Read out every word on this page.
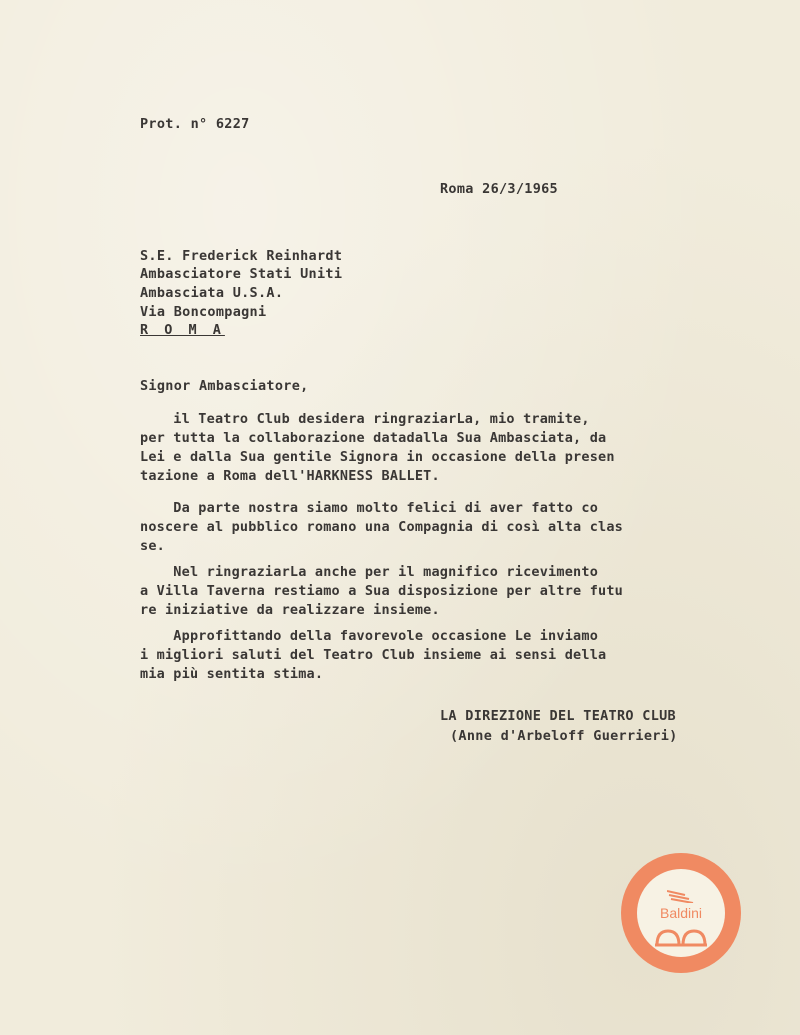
Prot. n° 6227
Roma 26/3/1965
S.E. Frederick Reinhardt
Ambasciatore Stati Uniti
Ambasciata U.S.A.
Via Boncompagni
R O M A
Signor Ambasciatore,
il Teatro Club desidera ringraziarLa, mio tramite,
per tutta la collaborazione datadalla Sua Ambasciata, da
Lei e dalla Sua gentile Signora in occasione della presen
tazione a Roma dell'HARKNESS BALLET.
Da parte nostra siamo molto felici di aver fatto co
noscere al pubblico romano una Compagnia di così alta clas
se.
Nel ringraziarLa anche per il magnifico ricevimento
a Villa Taverna restiamo a Sua disposizione per altre futu
re iniziative da realizzare insieme.
Approfittando della favorevole occasione Le inviamo
i migliori saluti del Teatro Club insieme ai sensi della
mia più sentita stima.
LA DIREZIONE DEL TEATRO CLUB
(Anne d'Arbeloff Guerrieri)
Baldini
